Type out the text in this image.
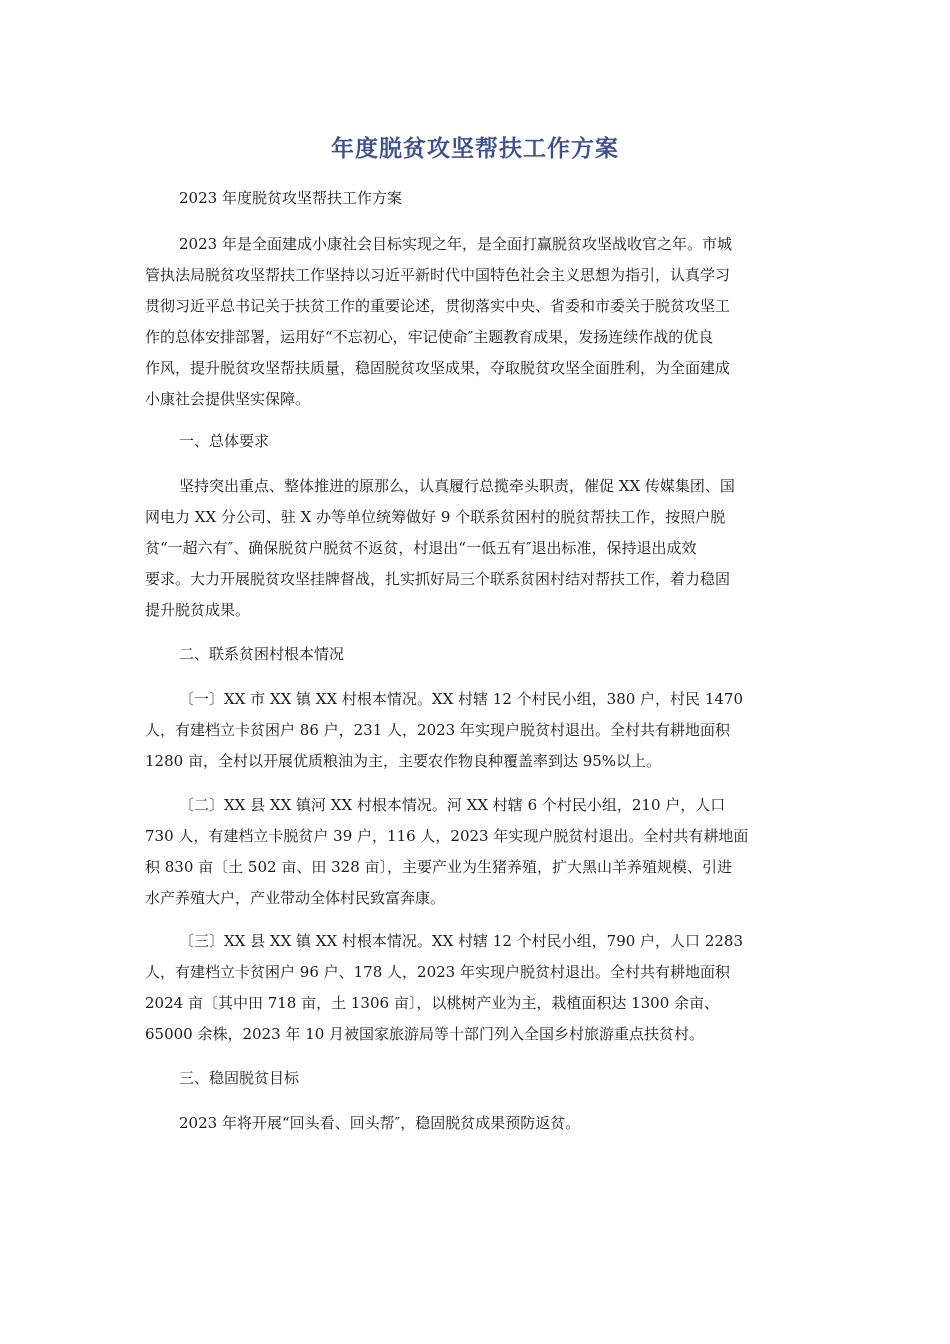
年度脱贫攻坚帮扶工作方案

2023 年度脱贫攻坚帮扶工作方案

2023 年是全面建成小康社会目标实现之年，是全面打赢脱贫攻坚战收官之年。市城
管执法局脱贫攻坚帮扶工作坚持以习近平新时代中国特色社会主义思想为指引，认真学习
贯彻习近平总书记关于扶贫工作的重要论述，贯彻落实中央、省委和市委关于脱贫攻坚工
作的总体安排部署，运用好“不忘初心，牢记使命″主题教育成果，发扬连续作战的优良
作风，提升脱贫攻坚帮扶质量，稳固脱贫攻坚成果，夺取脱贫攻坚全面胜利，为全面建成
小康社会提供坚实保障。

一、总体要求

坚持突出重点、整体推进的原那么，认真履行总揽牵头职责，催促 XX 传媒集团、国
网电力 XX 分公司、驻 X 办等单位统筹做好 9 个联系贫困村的脱贫帮扶工作，按照户脱
贫“一超六有″、确保脱贫户脱贫不返贫，村退出“一低五有″退出标准，保持退出成效
要求。大力开展脱贫攻坚挂牌督战，扎实抓好局三个联系贫困村结对帮扶工作，着力稳固
提升脱贫成果。

二、联系贫困村根本情况

〔一〕XX 市 XX 镇 XX 村根本情况。XX 村辖 12 个村民小组，380 户，村民 1470
人，有建档立卡贫困户 86 户，231 人，2023 年实现户脱贫村退出。全村共有耕地面积
1280 亩，全村以开展优质粮油为主，主要农作物良种覆盖率到达 95%以上。
〔二〕XX 县 XX 镇河 XX 村根本情况。河 XX 村辖 6 个村民小组，210 户，人口
730 人，有建档立卡脱贫户 39 户，116 人，2023 年实现户脱贫村退出。全村共有耕地面
积 830 亩〔土 502 亩、田 328 亩〕，主要产业为生猪养殖，扩大黑山羊养殖规模、引进
水产养殖大户，产业带动全体村民致富奔康。
〔三〕XX 县 XX 镇 XX 村根本情况。XX 村辖 12 个村民小组，790 户，人口 2283
人，有建档立卡贫困户 96 户、178 人，2023 年实现户脱贫村退出。全村共有耕地面积
2024 亩〔其中田 718 亩，土 1306 亩〕，以桃树产业为主，栽植面积达 1300 余亩、
65000 余株，2023 年 10 月被国家旅游局等十部门列入全国乡村旅游重点扶贫村。

三、稳固脱贫目标

2023 年将开展“回头看、回头帮″，稳固脱贫成果预防返贫。
